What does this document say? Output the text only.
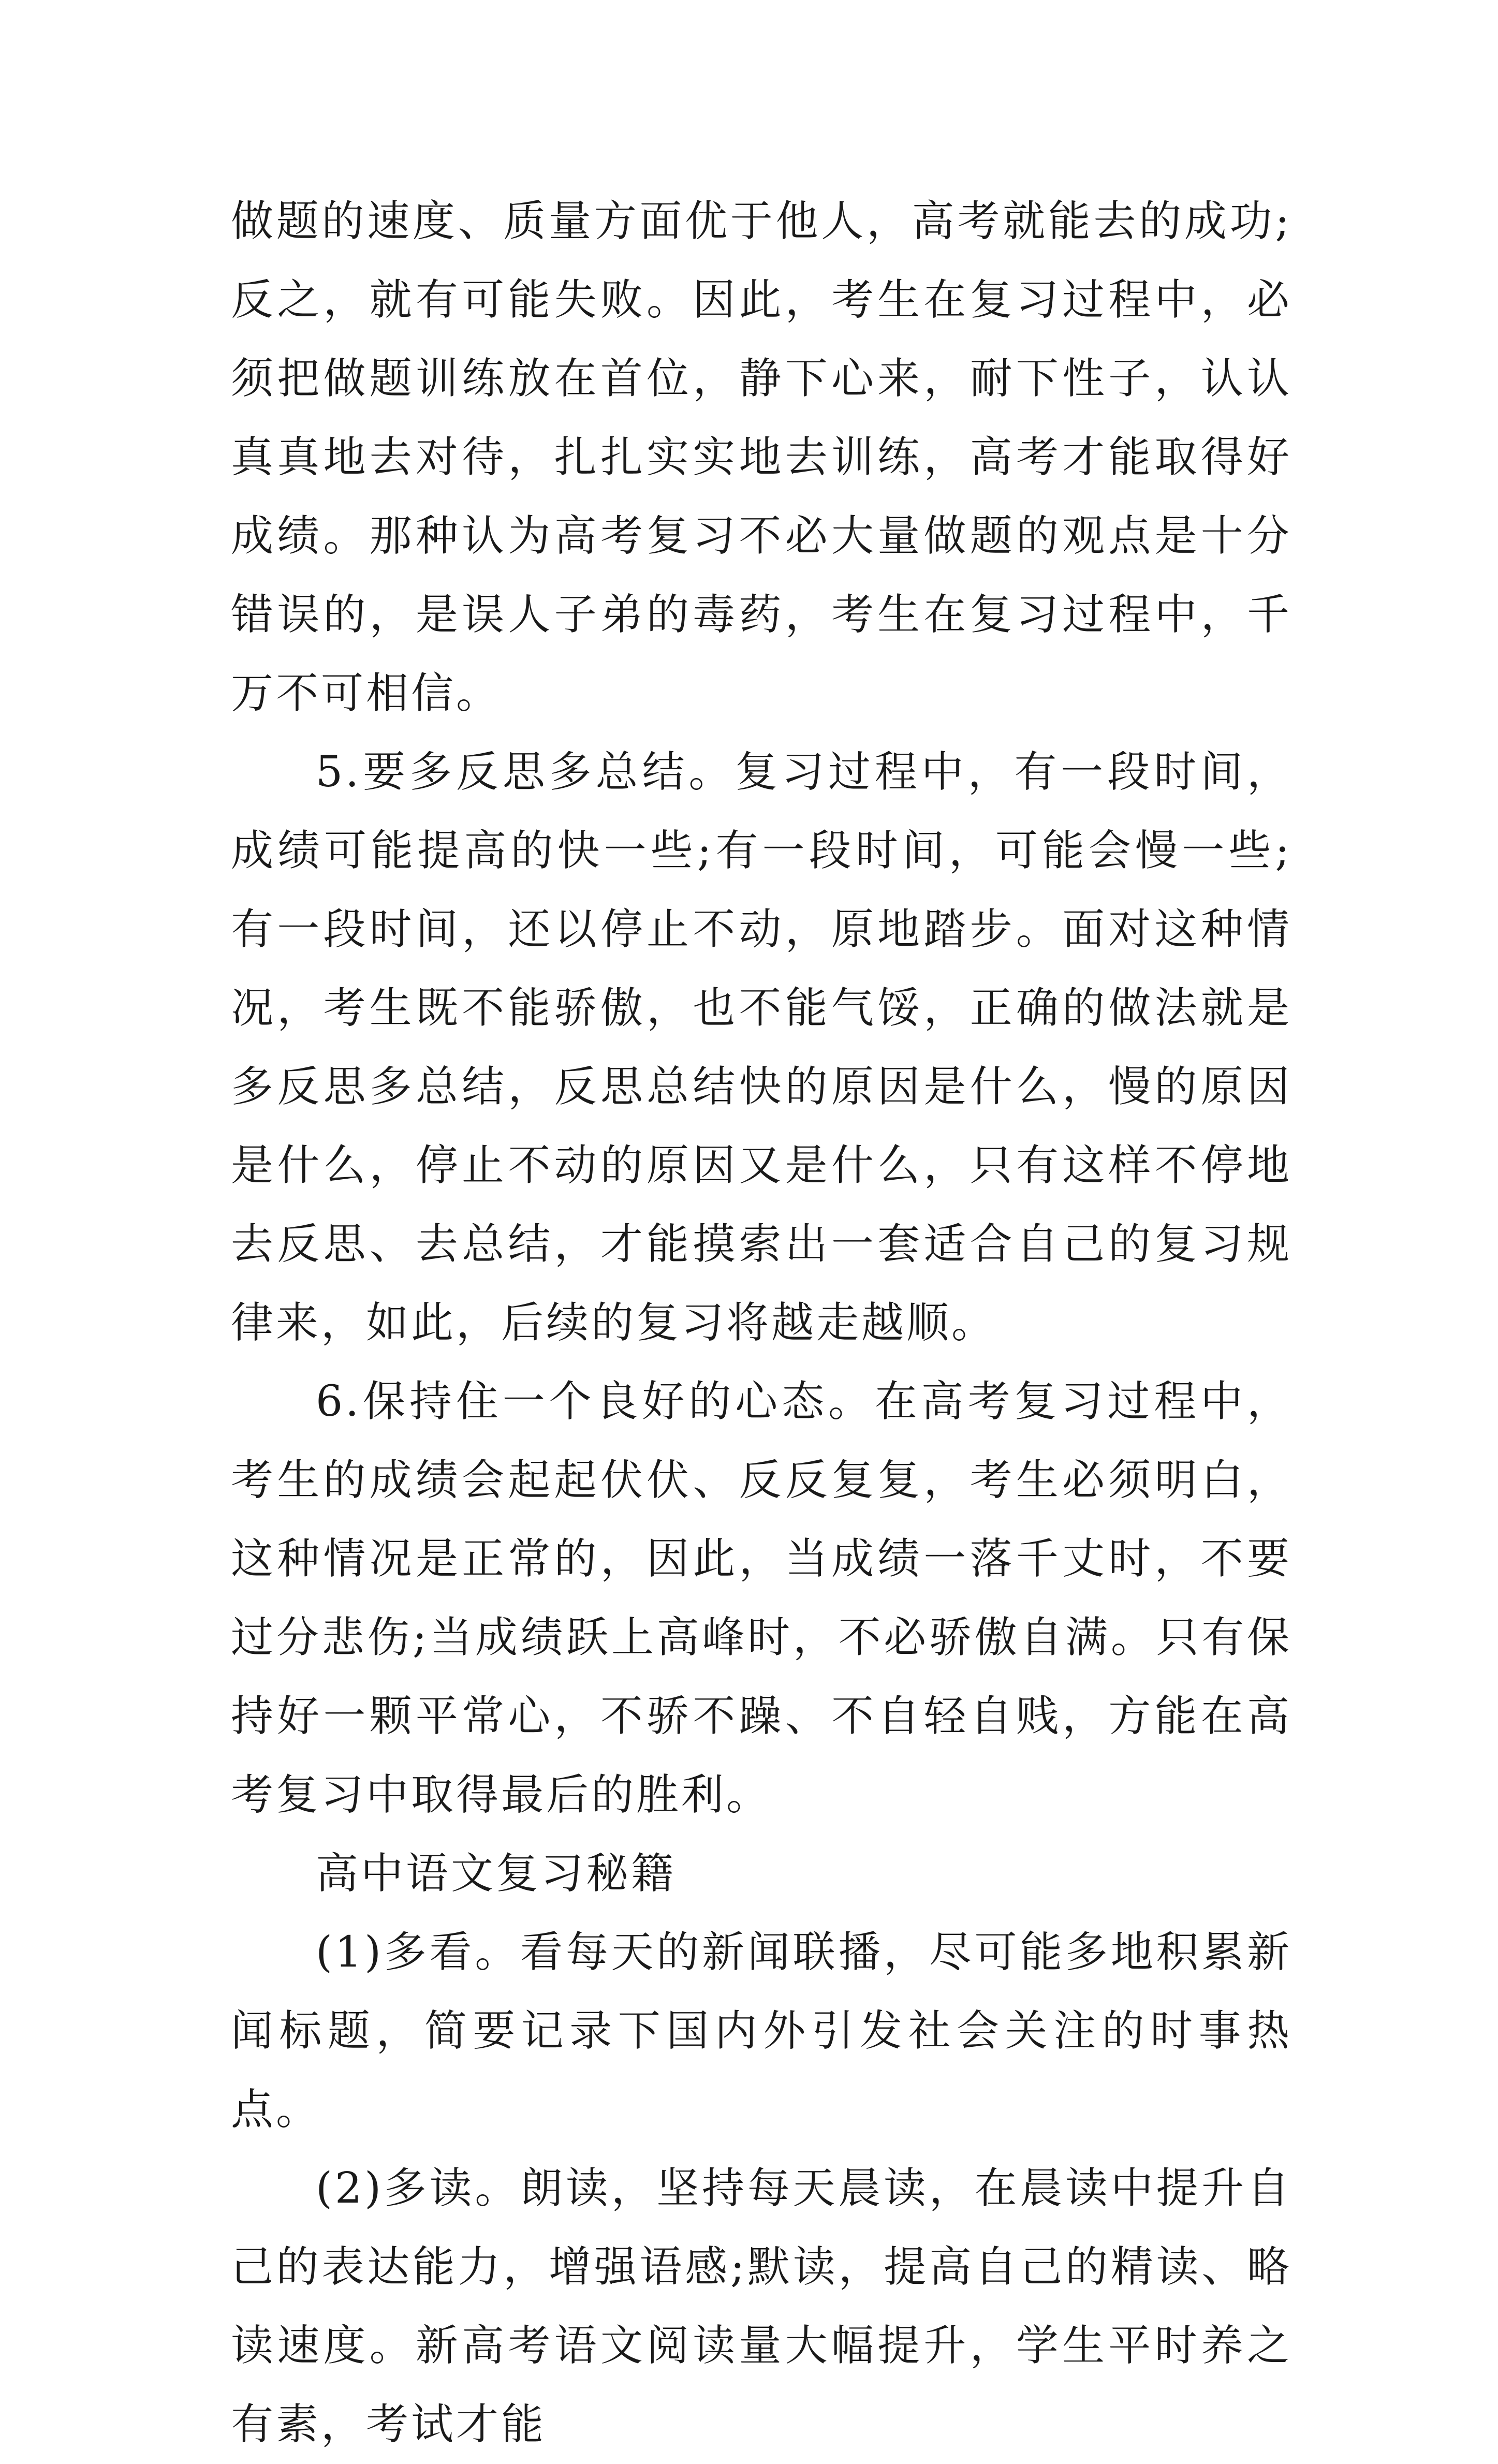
做题的速度、质量方面优于他人，高考就能去的成功;反之，就有可能失败。因此，考生在复习过程中，必须把做题训练放在首位，静下心来，耐下性子，认认真真地去对待，扎扎实实地去训练，高考才能取得好成绩。那种认为高考复习不必大量做题的观点是十分错误的，是误人子弟的毒药，考生在复习过程中，千万不可相信。

5.要多反思多总结。复习过程中，有一段时间，成绩可能提高的快一些;有一段时间，可能会慢一些;有一段时间，还以停止不动，原地踏步。面对这种情况，考生既不能骄傲，也不能气馁，正确的做法就是多反思多总结，反思总结快的原因是什么，慢的原因是什么，停止不动的原因又是什么，只有这样不停地去反思、去总结，才能摸索出一套适合自己的复习规律来，如此，后续的复习将越走越顺。

6.保持住一个良好的心态。在高考复习过程中，考生的成绩会起起伏伏、反反复复，考生必须明白，这种情况是正常的，因此，当成绩一落千丈时，不要过分悲伤;当成绩跃上高峰时，不必骄傲自满。只有保持好一颗平常心，不骄不躁、不自轻自贱，方能在高考复习中取得最后的胜利。

高中语文复习秘籍

(1)多看。看每天的新闻联播，尽可能多地积累新闻标题，简要记录下国内外引发社会关注的时事热点。

(2)多读。朗读，坚持每天晨读，在晨读中提升自己的表达能力，增强语感;默读，提高自己的精读、略读速度。新高考语文阅读量大幅提升，学生平时养之有素，考试才能
